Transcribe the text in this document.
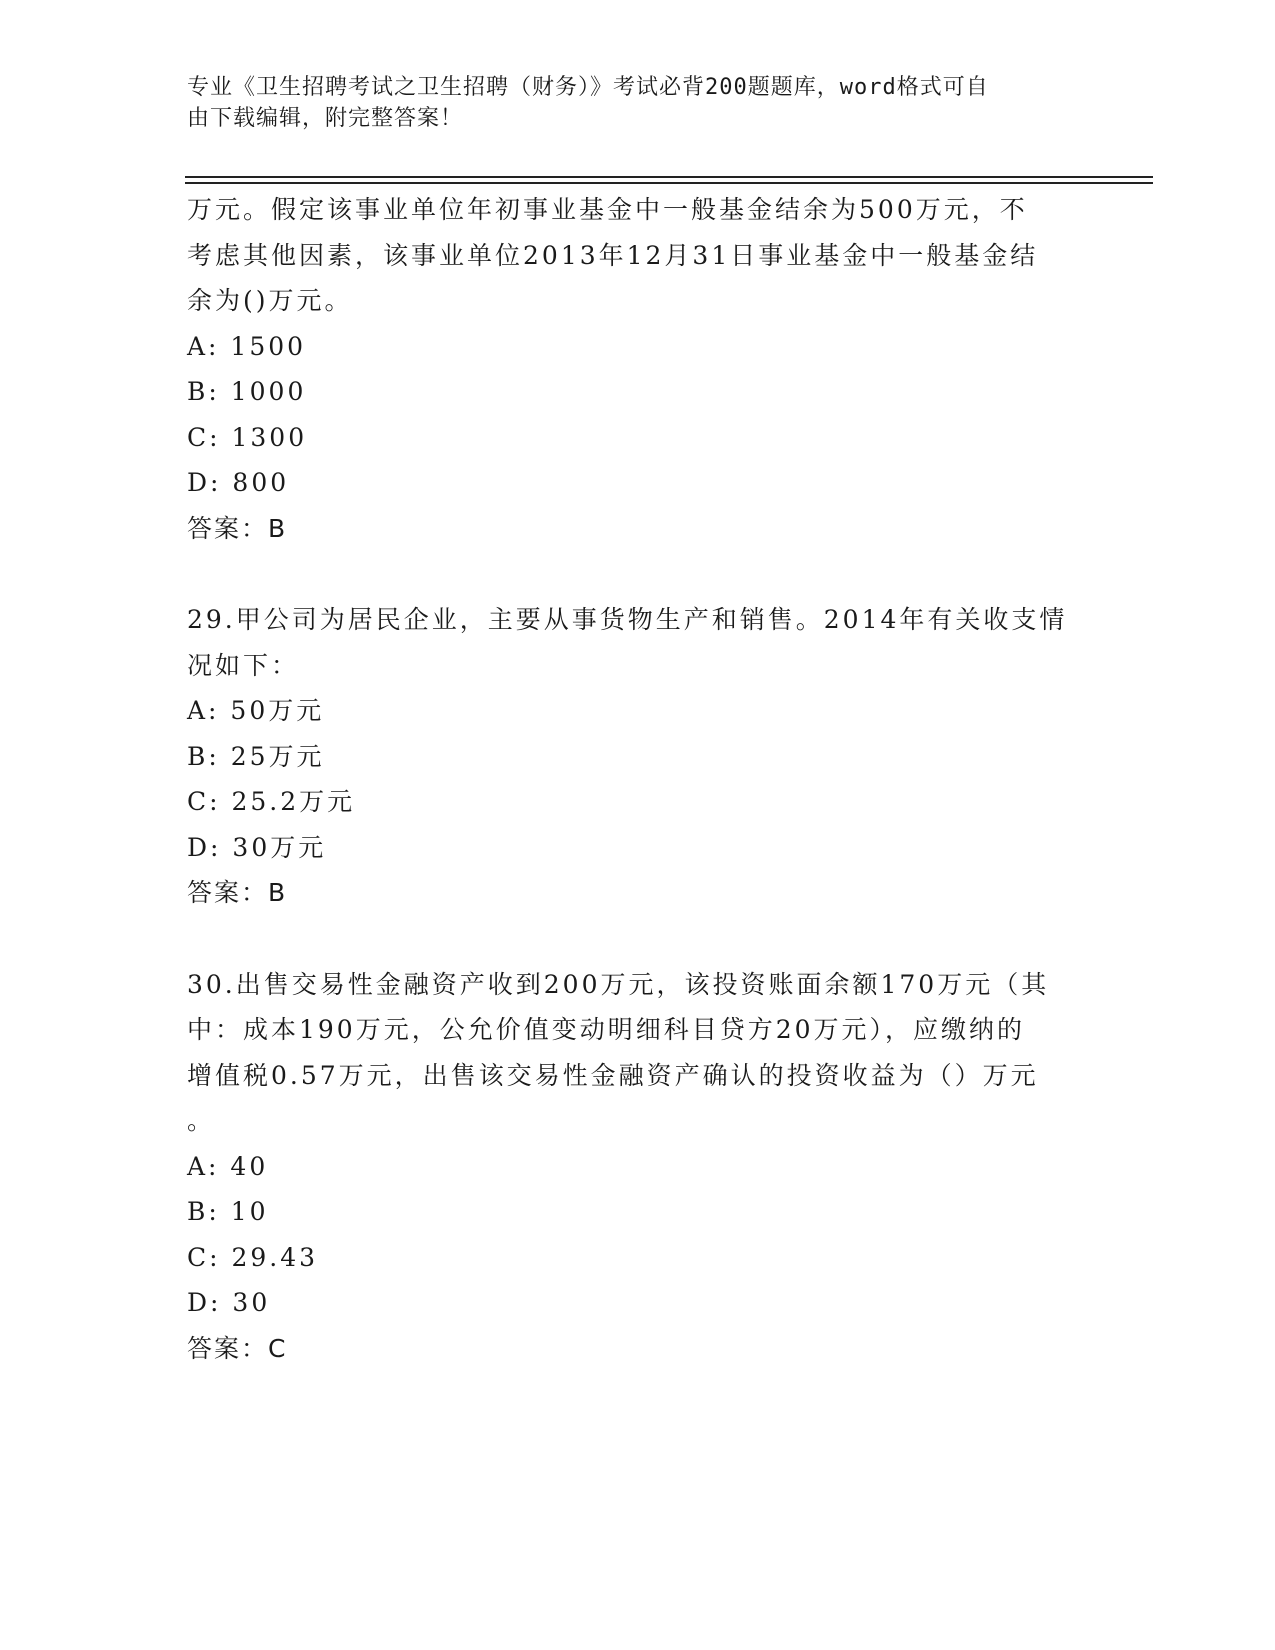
专业《卫生招聘考试之卫生招聘（财务）》考试必背200题题库，word格式可自
由下载编辑，附完整答案！
万元。假定该事业单位年初事业基金中一般基金结余为500万元，不
考虑其他因素，该事业单位2013年12月31日事业基金中一般基金结
余为()万元。
A: 1500
B: 1000
C: 1300
D: 800
答案：B
29.甲公司为居民企业，主要从事货物生产和销售。2014年有关收支情
况如下：
A: 50万元
B: 25万元
C: 25.2万元
D: 30万元
答案：B
30.出售交易性金融资产收到200万元，该投资账面余额170万元（其
中：成本190万元，公允价值变动明细科目贷方20万元），应缴纳的
增值税0.57万元，出售该交易性金融资产确认的投资收益为（）万元
。
A: 40
B: 10
C: 29.43
D: 30
答案：C
